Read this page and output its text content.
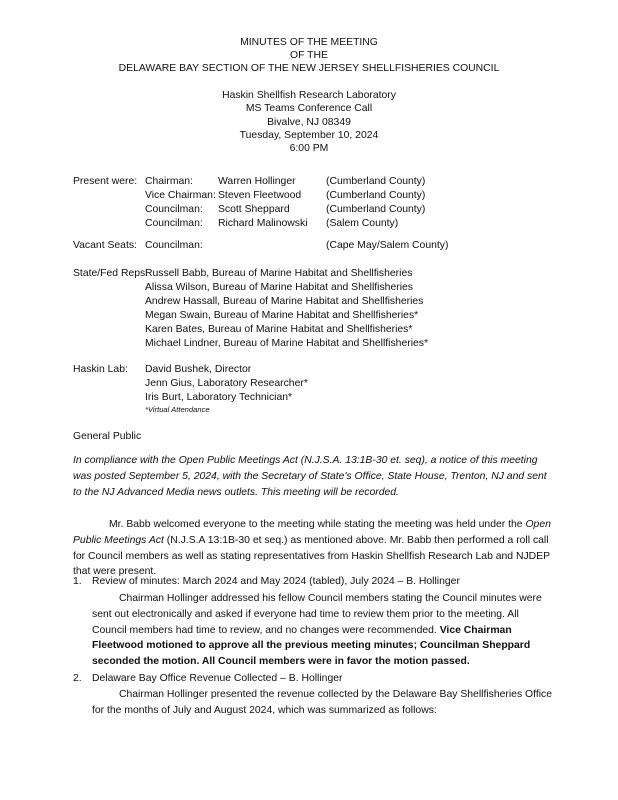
MINUTES OF THE MEETING
OF THE
DELAWARE BAY SECTION OF THE NEW JERSEY SHELLFISHERIES COUNCIL
Haskin Shellfish Research Laboratory
MS Teams Conference Call
Bivalve, NJ 08349
Tuesday, September 10, 2024
6:00 PM
Present were: Chairman: Warren Hollinger	(Cumberland County)
Vice Chairman: Steven Fleetwood (Cumberland County)
Councilman: Scott Sheppard	(Cumberland County)
Councilman: Richard Malinowski (Salem County)
Vacant Seats: Councilman:	(Cape May/Salem County)
State/Fed Reps:
Russell Babb, Bureau of Marine Habitat and Shellfisheries
Alissa Wilson, Bureau of Marine Habitat and Shellfisheries
Andrew Hassall, Bureau of Marine Habitat and Shellfisheries
Megan Swain, Bureau of Marine Habitat and Shellfisheries*
Karen Bates, Bureau of Marine Habitat and Shellfisheries*
Michael Lindner, Bureau of Marine Habitat and Shellfisheries*
Haskin Lab: David Bushek, Director
Jenn Gius, Laboratory Researcher*
Iris Burt, Laboratory Technician*
*Virtual Attendance
General Public
In compliance with the Open Public Meetings Act (N.J.S.A. 13:1B-30 et. seq), a notice of this meeting was posted September 5, 2024, with the Secretary of State's Office, State House, Trenton, NJ and sent to the NJ Advanced Media news outlets. This meeting will be recorded.
Mr. Babb welcomed everyone to the meeting while stating the meeting was held under the Open Public Meetings Act (N.J.S.A 13:1B-30 et seq.) as mentioned above. Mr. Babb then performed a roll call for Council members as well as stating representatives from Haskin Shellfish Research Lab and NJDEP that were present.
1. Review of minutes: March 2024 and May 2024 (tabled), July 2024 – B. Hollinger
Chairman Hollinger addressed his fellow Council members stating the Council minutes were sent out electronically and asked if everyone had time to review them prior to the meeting. All Council members had time to review, and no changes were recommended. Vice Chairman Fleetwood motioned to approve all the previous meeting minutes; Councilman Sheppard seconded the motion. All Council members were in favor the motion passed.
2. Delaware Bay Office Revenue Collected – B. Hollinger
Chairman Hollinger presented the revenue collected by the Delaware Bay Shellfisheries Office for the months of July and August 2024, which was summarized as follows:
